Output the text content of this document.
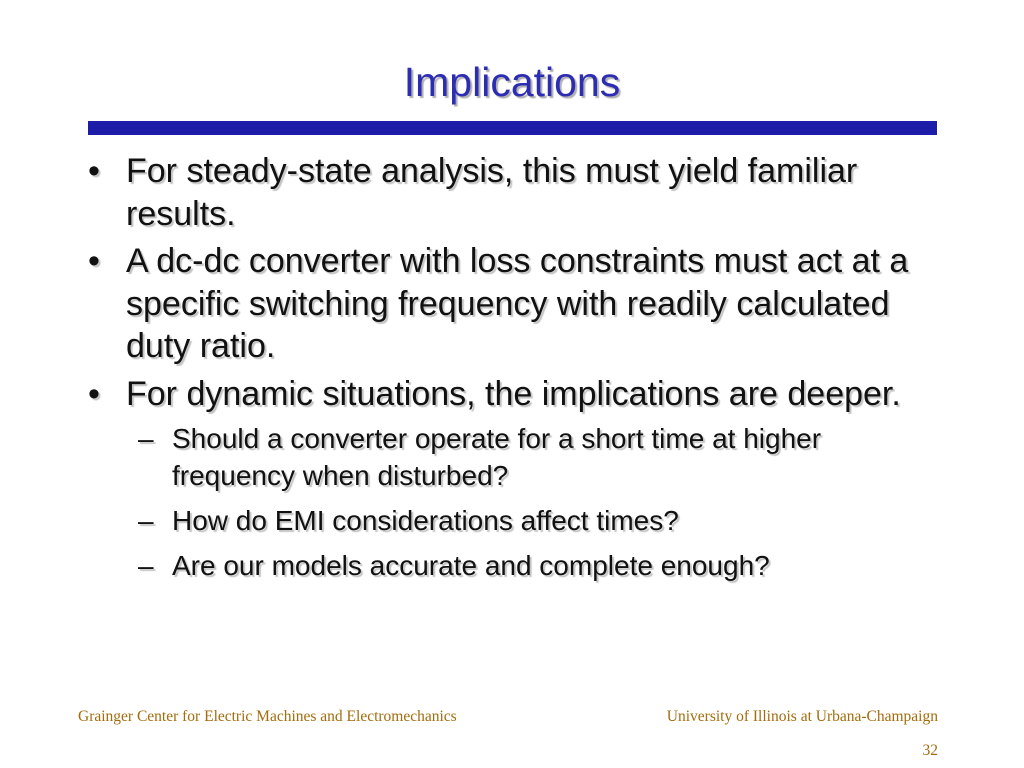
Implications
• For steady-state analysis, this must yield familiar results.
• A dc-dc converter with loss constraints must act at a specific switching frequency with readily calculated duty ratio.
• For dynamic situations, the implications are deeper.
– Should a converter operate for a short time at higher frequency when disturbed?
– How do EMI considerations affect times?
– Are our models accurate and complete enough?
Grainger Center for Electric Machines and Electromechanics	University of Illinois at Urbana-Champaign
32
